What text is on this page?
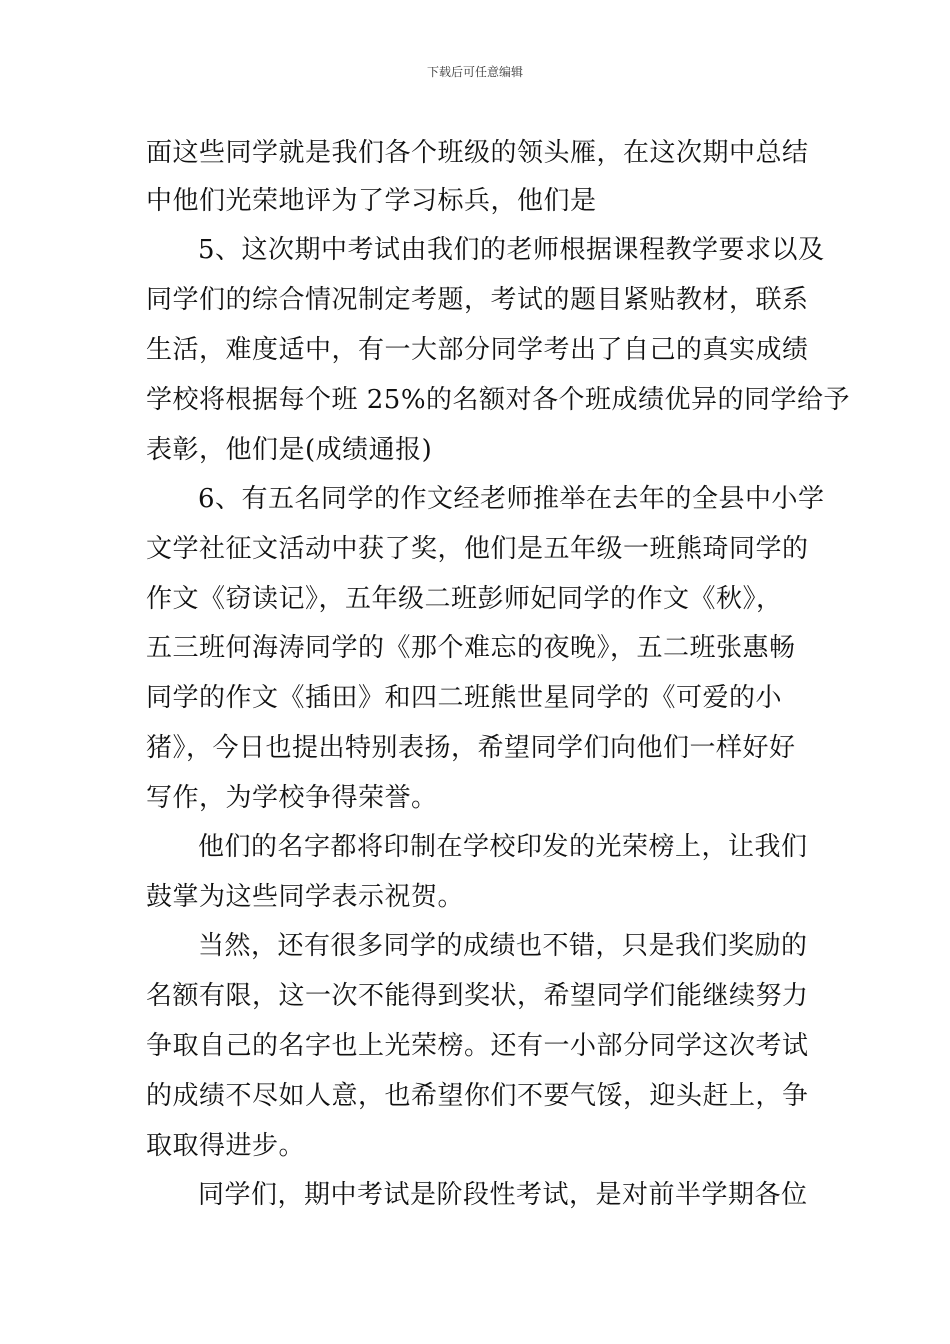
下载后可任意编辑
面这些同学就是我们各个班级的领头雁，在这次期中总结
中他们光荣地评为了学习标兵，他们是
5、这次期中考试由我们的老师根据课程教学要求以及
同学们的综合情况制定考题，考试的题目紧贴教材，联系
生活，难度适中，有一大部分同学考出了自己的真实成绩
学校将根据每个班 25%的名额对各个班成绩优异的同学给予
表彰，他们是(成绩通报)
6、有五名同学的作文经老师推举在去年的全县中小学
文学社征文活动中获了奖，他们是五年级一班熊琦同学的
作文《窃读记》，五年级二班彭师妃同学的作文《秋》，
五三班何海涛同学的《那个难忘的夜晚》，五二班张惠畅
同学的作文《插田》和四二班熊世星同学的《可爱的小
猪》，今日也提出特别表扬，希望同学们向他们一样好好
写作，为学校争得荣誉。
他们的名字都将印制在学校印发的光荣榜上，让我们
鼓掌为这些同学表示祝贺。
当然，还有很多同学的成绩也不错，只是我们奖励的
名额有限，这一次不能得到奖状，希望同学们能继续努力
争取自己的名字也上光荣榜。还有一小部分同学这次考试
的成绩不尽如人意，也希望你们不要气馁，迎头赶上，争
取取得进步。
同学们，期中考试是阶段性考试，是对前半学期各位
